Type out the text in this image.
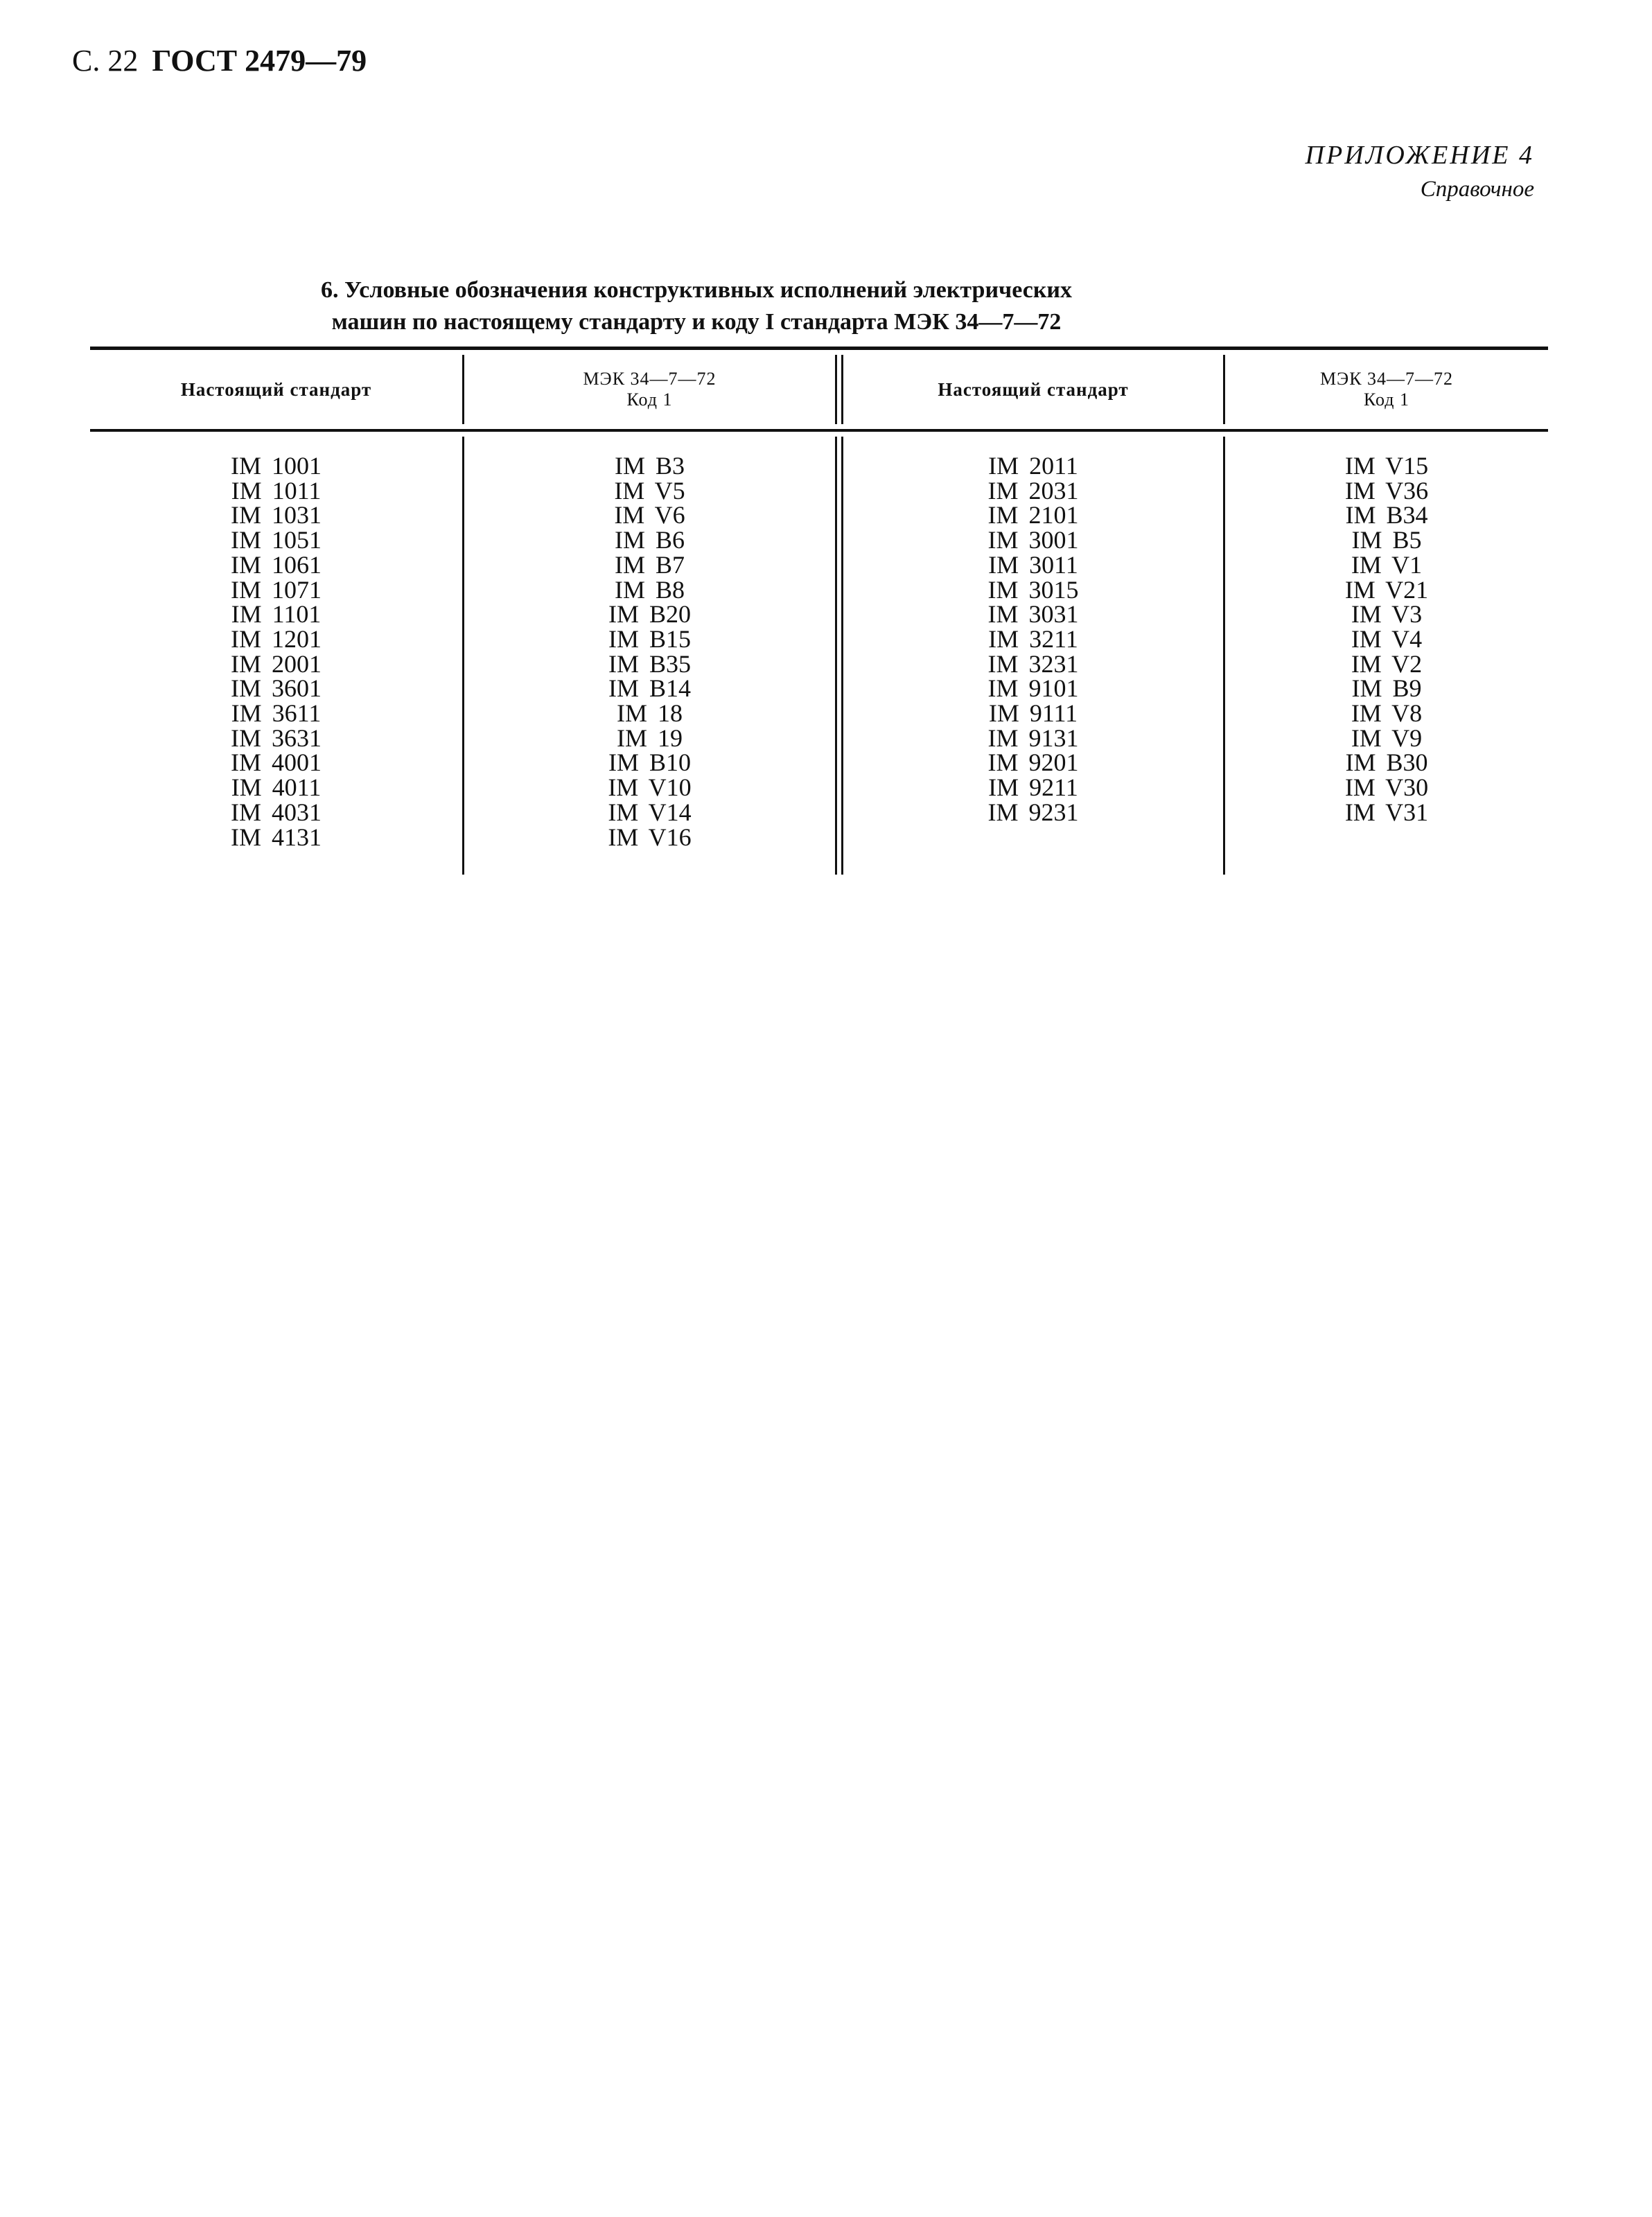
С. 22 ГОСТ 2479—79
ПРИЛОЖЕНИЕ 4
Справочное
6. Условные обозначения конструктивных исполнений электрических
машин по настоящему стандарту и коду I стандарта МЭК 34—7—72
Настоящий стандарт
МЭК 34—7—72
Код 1	Настоящий стандарт
МЭК 34—7—72
Код 1
IM 1001
IM 1011
IM 1031
IM 1051
IM 1061
IM 1071
IM 1101
IM 1201
IM 2001
IM 3601
IM 3611
IM 3631
IM 4001
IM 4011
IM 4031
IM 4131
IM B3
IM V5
IM V6
IM B6
IM B7
IM B8
IM B20
IM B15
IM B35
IM B14
IM 18
IM 19
IM B10
IM V10
IM V14
IM V16
IM 2011
IM 2031
IM 2101
IM 3001
IM 3011
IM 3015
IM 3031
IM 3211
IM 3231
IM 9101
IM 9111
IM 9131
IM 9201
IM 9211
IM 9231
IM V15
IM V36
IM B34
IM B5
IM V1
IM V21
IM V3
IM V4
IM V2
IM B9
IM V8
IM V9
IM B30
IM V30
IM V31
